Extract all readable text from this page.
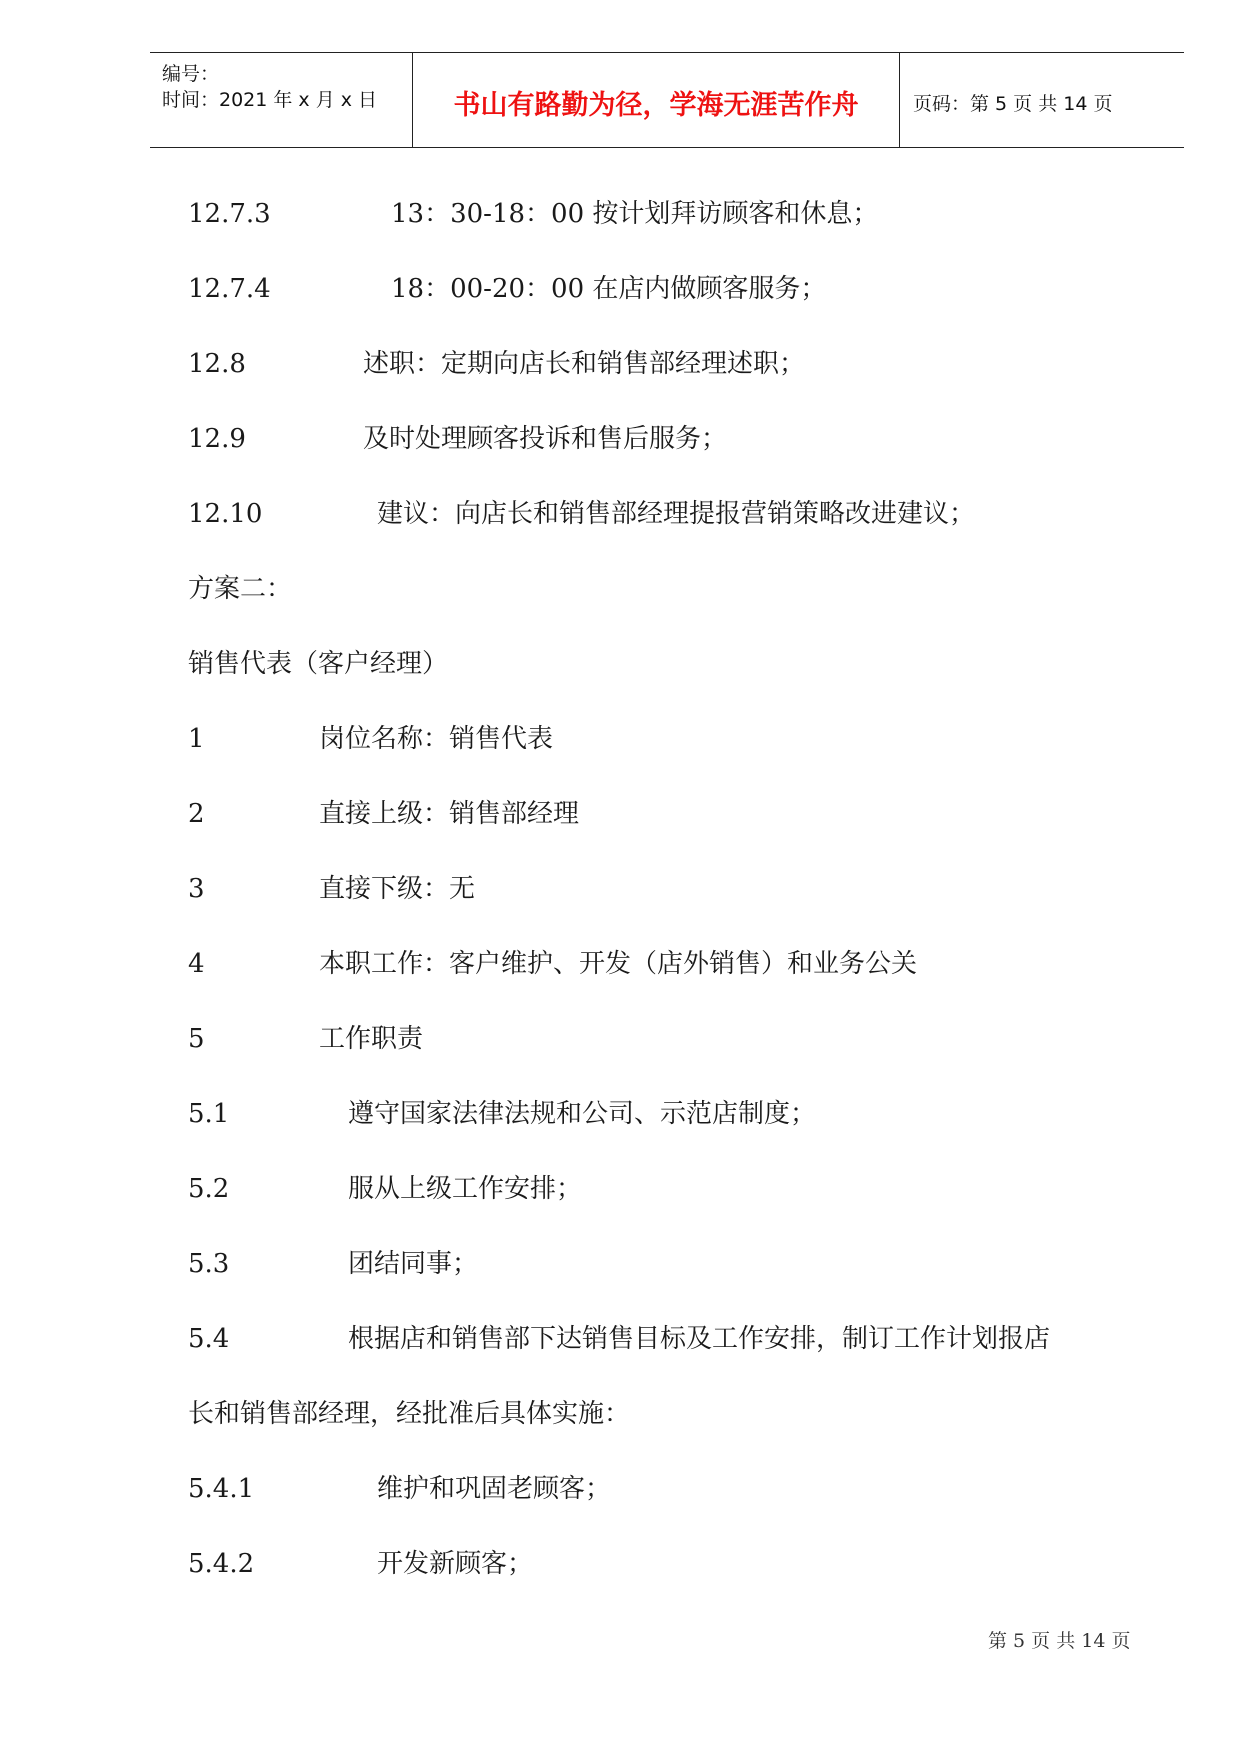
编号：
时间：2021 年 x 月 x 日	书山有路勤为径，学海无涯苦作舟	页码：第 5 页 共 14 页
12.7.3	13：30-18：00 按计划拜访顾客和休息；
12.7.4	18：00-20：00 在店内做顾客服务；
12.8	述职：定期向店长和销售部经理述职；
12.9	及时处理顾客投诉和售后服务；
12.10	建议：向店长和销售部经理提报营销策略改进建议；
方案二：
销售代表（客户经理）
1	岗位名称：销售代表
2	直接上级：销售部经理
3	直接下级：无
4	本职工作：客户维护、开发（店外销售）和业务公关
5	工作职责
5.1	遵守国家法律法规和公司、示范店制度；
5.2	服从上级工作安排；
5.3	团结同事；
5.4	根据店和销售部下达销售目标及工作安排，制订工作计划报店
长和销售部经理，经批准后具体实施：
5.4.1	维护和巩固老顾客；
5.4.2	开发新顾客；
第 5 页 共 14 页
